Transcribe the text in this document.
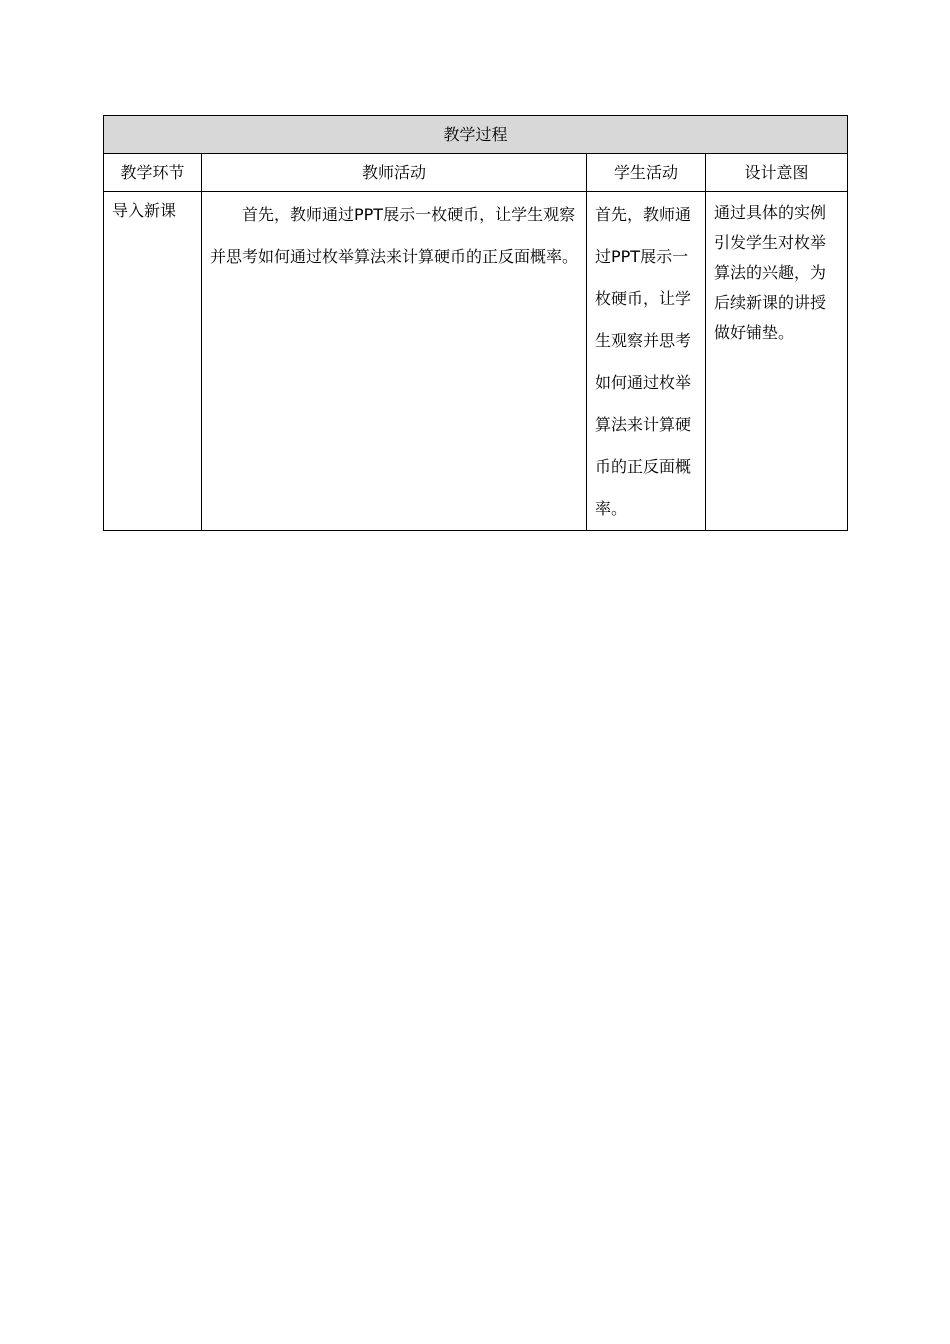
教学过程			
教学环节	教师活动	学生活动	设计意图

导入新课	首先，教师通过PPT展示一枚硬币，让学生观察并思考如何通过枚举算法来计算硬币的正反面概率。	首先，教师通过PPT展示一枚硬币，让学生观察并思考如何通过枚举算法来计算硬币的正反面概率。	通过具体的实例引发学生对枚举算法的兴趣，为后续新课的讲授做好铺垫。
